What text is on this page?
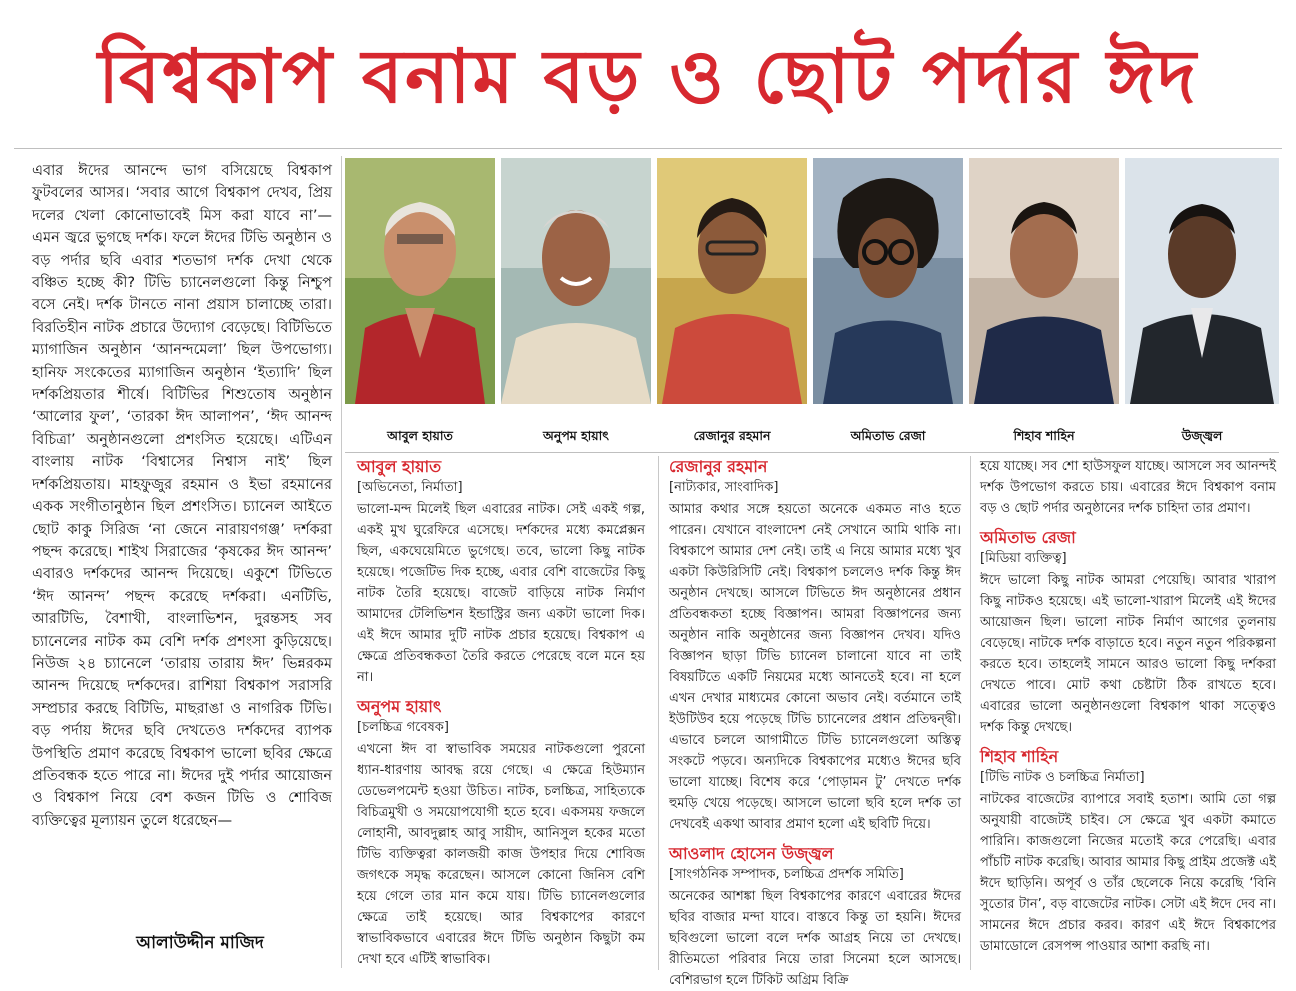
বিশ্বকাপ বনাম বড় ও ছোট পর্দার ঈদ

এবার ঈদের আনন্দে ভাগ বসিয়েছে বিশ্বকাপ ফুটবলের আসর। ‘সবার আগে বিশ্বকাপ দেখব, প্রিয় দলের খেলা কোনোভাবেই মিস করা যাবে না’— এমন জ্বরে ভুগছে দর্শক। ফলে ঈদের টিভি অনুষ্ঠান ও বড় পর্দার ছবি এবার শতভাগ দর্শক দেখা থেকে বঞ্চিত হচ্ছে কী? টিভি চ্যানেলগুলো কিন্তু নিশ্চুপ বসে নেই। দর্শক টানতে নানা প্রয়াস চালাচ্ছে তারা। বিরতিহীন নাটক প্রচারে উদ্যোগ বেড়েছে। বিটিভিতে ম্যাগাজিন অনুষ্ঠান ‘আনন্দমেলা’ ছিল উপভোগ্য। হানিফ সংকেতের ম্যাগাজিন অনুষ্ঠান ‘ইত্যাদি’ ছিল দর্শকপ্রিয়তার শীর্ষে। বিটিভির শিশুতোষ অনুষ্ঠান ‘আলোর ফুল’, ‘তারকা ঈদ আলাপন’, ‘ঈদ আনন্দ বিচিত্রা’ অনুষ্ঠানগুলো প্রশংসিত হয়েছে। এটিএন বাংলায় নাটক ‘বিশ্বাসের নিশ্বাস নাই’ ছিল দর্শকপ্রিয়তায়। মাহফুজুর রহমান ও ইভা রহমানের একক সংগীতানুষ্ঠান ছিল প্রশংসিত। চ্যানেল আইতে ছোট কাকু সিরিজ ‘না জেনে নারায়ণগঞ্জ’ দর্শকরা পছন্দ করেছে। শাইখ সিরাজের ‘কৃষকের ঈদ আনন্দ’ এবারও দর্শকদের আনন্দ দিয়েছে। একুশে টিভিতে ‘ঈদ আনন্দ’ পছন্দ করেছে দর্শকরা। এনটিভি, আরটিভি, বৈশাখী, বাংলাভিশন, দুরন্তসহ সব চ্যানেলের নাটক কম বেশি দর্শক প্রশংসা কুড়িয়েছে। নিউজ ২৪ চ্যানেলে ‘তারায় তারায় ঈদ’ ভিন্নরকম আনন্দ দিয়েছে দর্শকদের। রাশিয়া বিশ্বকাপ সরাসরি সম্প্রচার করছে বিটিভি, মাছরাঙা ও নাগরিক টিভি। বড় পর্দায় ঈদের ছবি দেখতেও দর্শকদের ব্যাপক উপস্থিতি প্রমাণ করেছে বিশ্বকাপ ভালো ছবির ক্ষেত্রে প্রতিবন্ধক হতে পারে না। ঈদের দুই পর্দার আয়োজন ও বিশ্বকাপ নিয়ে বেশ কজন টিভি ও শোবিজ ব্যক্তিত্বের মূল্যায়ন তুলে ধরেছেন—

আলাউদ্দীন মাজিদ
আবুল হায়াত	অনুপম হায়াৎ	রেজানুর রহমান	অমিতাভ রেজা	শিহাব শাহিন	উজ্জ্বল

আবুল হায়াত

[অভিনেতা, নির্মাতা]

ভালো-মন্দ মিলেই ছিল এবারের নাটক। সেই একই গল্প, একই মুখ ঘুরেফিরে এসেছে। দর্শকদের মধ্যে কমপ্লেক্সন ছিল, একঘেয়েমিতে ভুগেছে। তবে, ভালো কিছু নাটক হয়েছে। পজেটিভ দিক হচ্ছে, এবার বেশি বাজেটের কিছু নাটক তৈরি হয়েছে। বাজেট বাড়িয়ে নাটক নির্মাণ আমাদের টেলিভিশন ইন্ডাস্ট্রির জন্য একটা ভালো দিক। এই ঈদে আমার দুটি নাটক প্রচার হয়েছে। বিশ্বকাপ এ ক্ষেত্রে প্রতিবন্ধকতা তৈরি করতে পেরেছে বলে মনে হয় না।

অনুপম হায়াৎ

[চলচ্চিত্র গবেষক]

এখনো ঈদ বা স্বাভাবিক সময়ের নাটকগুলো পুরনো ধ্যান-ধারণায় আবদ্ধ রয়ে গেছে। এ ক্ষেত্রে হিউম্যান ডেভেলপমেন্ট হওয়া উচিত। নাটক, চলচ্চিত্র, সাহিত্যকে বিচিত্রমুখী ও সময়োপযোগী হতে হবে। একসময় ফজলে লোহানী, আবদুল্লাহ আবু সায়ীদ, আনিসুল হকের মতো টিভি ব্যক্তিত্বরা কালজয়ী কাজ উপহার দিয়ে শোবিজ জগৎকে সমৃদ্ধ করেছেন। আসলে কোনো জিনিস বেশি হয়ে গেলে তার মান কমে যায়। টিভি চ্যানেলগুলোর ক্ষেত্রে তাই হয়েছে। আর বিশ্বকাপের কারণে স্বাভাবিকভাবে এবারের ঈদে টিভি অনুষ্ঠান কিছুটা কম দেখা হবে এটিই স্বাভাবিক।

রেজানুর রহমান

[নাট্যকার, সাংবাদিক]

আমার কথার সঙ্গে হয়তো অনেকে একমত নাও হতে পারেন। যেখানে বাংলাদেশ নেই সেখানে আমি থাকি না। বিশ্বকাপে আমার দেশ নেই। তাই এ নিয়ে আমার মধ্যে খুব একটা কিউরিসিটি নেই। বিশ্বকাপ চললেও দর্শক কিন্তু ঈদ অনুষ্ঠান দেখছে। আসলে টিভিতে ঈদ অনুষ্ঠানের প্রধান প্রতিবন্ধকতা হচ্ছে বিজ্ঞাপন। আমরা বিজ্ঞাপনের জন্য অনুষ্ঠান নাকি অনুষ্ঠানের জন্য বিজ্ঞাপন দেখব। যদিও বিজ্ঞাপন ছাড়া টিভি চ্যানেল চালানো যাবে না তাই বিষয়টিতে একটি নিয়মের মধ্যে আনতেই হবে। না হলে এখন দেখার মাধ্যমের কোনো অভাব নেই। বর্তমানে তাই ইউটিউব হয়ে পড়েছে টিভি চ্যানেলের প্রধান প্রতিদ্বন্দ্বী। এভাবে চললে আগামীতে টিভি চ্যানেলগুলো অস্তিত্ব সংকটে পড়বে। অন্যদিকে বিশ্বকাপের মধ্যেও ঈদের ছবি ভালো যাচ্ছে। বিশেষ করে ‘পোড়ামন টু’ দেখতে দর্শক হুমড়ি খেয়ে পড়েছে। আসলে ভালো ছবি হলে দর্শক তা দেখবেই একথা আবার প্রমাণ হলো এই ছবিটি দিয়ে।

আওলাদ হোসেন উজ্জ্বল

[সাংগঠনিক সম্পাদক, চলচ্চিত্র প্রদর্শক সমিতি]

অনেকের আশঙ্কা ছিল বিশ্বকাপের কারণে এবারের ঈদের ছবির বাজার মন্দা যাবে। বাস্তবে কিন্তু তা হয়নি। ঈদের ছবিগুলো ভালো বলে দর্শক আগ্রহ নিয়ে তা দেখছে। রীতিমতো পরিবার নিয়ে তারা সিনেমা হলে আসছে। বেশিরভাগ হলে টিকিট অগ্রিম বিক্রি

হয়ে যাচ্ছে। সব শো হাউসফুল যাচ্ছে। আসলে সব আনন্দই দর্শক উপভোগ করতে চায়। এবারের ঈদে বিশ্বকাপ বনাম বড় ও ছোট পর্দার অনুষ্ঠানের দর্শক চাহিদা তার প্রমাণ।

অমিতাভ রেজা

[মিডিয়া ব্যক্তিত্ব]

ঈদে ভালো কিছু নাটক আমরা পেয়েছি। আবার খারাপ কিছু নাটকও হয়েছে। এই ভালো-খারাপ মিলেই এই ঈদের আয়োজন ছিল। ভালো নাটক নির্মাণ আগের তুলনায় বেড়েছে। নাটকে দর্শক বাড়াতে হবে। নতুন নতুন পরিকল্পনা করতে হবে। তাহলেই সামনে আরও ভালো কিছু দর্শকরা দেখতে পাবে। মোট কথা চেষ্টাটা ঠিক রাখতে হবে। এবারের ভালো অনুষ্ঠানগুলো বিশ্বকাপ থাকা সত্ত্বেও দর্শক কিন্তু দেখছে।

শিহাব শাহিন

[টিভি নাটক ও চলচ্চিত্র নির্মাতা]

নাটকের বাজেটের ব্যাপারে সবাই হতাশ। আমি তো গল্প অনুযায়ী বাজেটই চাইব। সে ক্ষেত্রে খুব একটা কমাতে পারিনি। কাজগুলো নিজের মতোই করে পেরেছি। এবার পাঁচটি নাটক করেছি। আবার আমার কিছু প্রাইম প্রজেক্ট এই ঈদে ছাড়িনি। অপূর্ব ও তাঁর ছেলেকে নিয়ে করেছি ‘বিনি সুতোর টান’, বড় বাজেটের নাটক। সেটা এই ঈদে দেব না। সামনের ঈদে প্রচার করব। কারণ এই ঈদে বিশ্বকাপের ডামাডোলে রেসপন্স পাওয়ার আশা করছি না।
